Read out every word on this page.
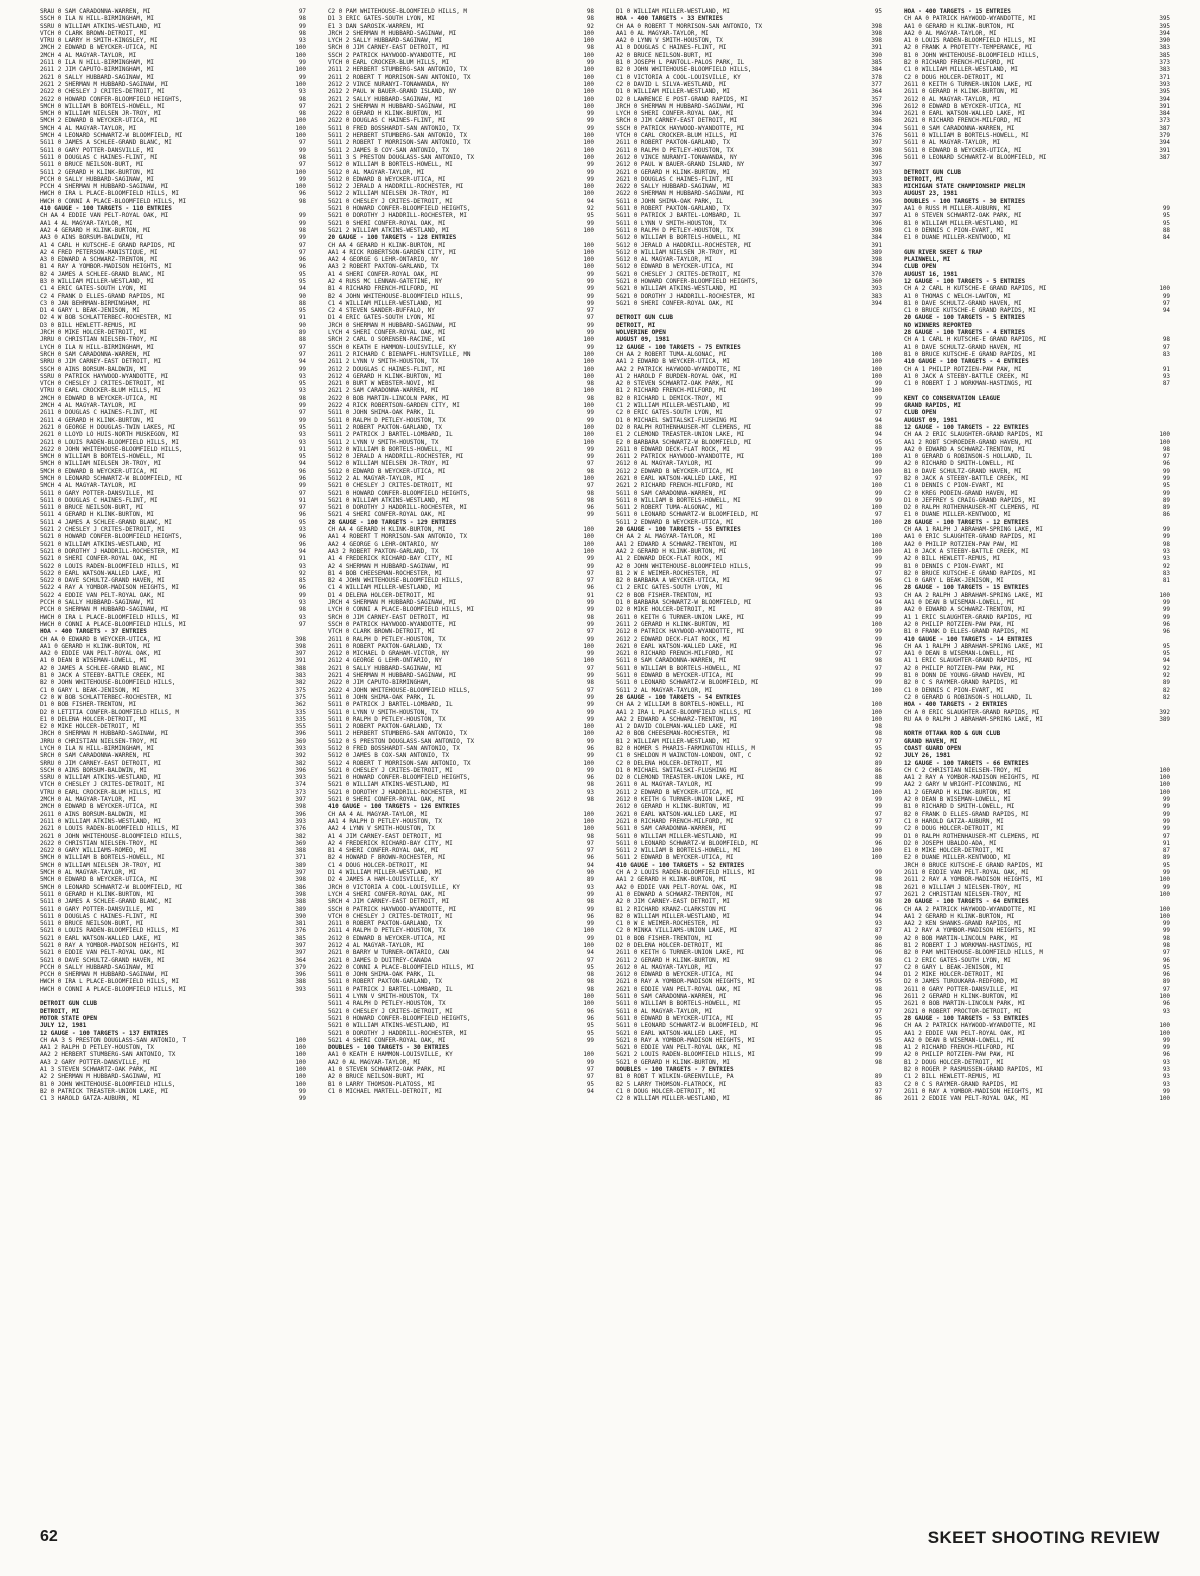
SRAU 0 SAM CARADONNA-WARREN, MI	97
SSCH 0 ILA N HILL-BIRMINGHAM, MI	98
SSRU 0 WILLIAM ATKINS-WESTLAND, MI	99
VTCH 0 CLARK BROWN-DETROIT, MI	98
VTRU 0 LARRY H SMITH-KINGSLEY, MI	93
2MCH 2 EDWARD B WEYCKER-UTICA, MI	100
2MCH 4 AL MAGYAR-TAYLOR, MI	100
2G11 0 ILA N HILL-BIRMINGHAM, MI	99
2G11 2 JIM CAPUTO-BIRMINGHAM, MI	100
2G21 0 SALLY HUBBARD-SAGINAW, MI	99
2G21 2 SHERMAN M HUBBARD-SAGINAW, MI	100
2G22 0 CHESLEY J CRITES-DETROIT, MI	93
2G22 0 HOWARD CONFER-BLOOMFIELD HEIGHTS,	98
5MCH 0 WILLIAM B BORTELS-HOWELL, MI	97
5MCH 0 WILLIAM NIELSEN JR-TROY, MI	98
5MCH 2 EDWARD B WEYCKER-UTICA, MI	100
5MCH 4 AL MAGYAR-TAYLOR, MI	100
5MCH 4 LEONARD SCHWARTZ-W BLOOMFIELD, MI	100
5G11 0 JAMES A SCHLEE-GRAND BLANC, MI	97
5G11 0 GARY POTTER-DANSVILLE, MI	99
5G11 0 DOUGLAS C HAINES-FLINT, MI	98
5G11 0 BRUCE NEILSON-BURT, MI	97
5G11 2 GERARD H KLINK-BURTON, MI	100
PCCH 0 SALLY HUBBARD-SAGINAW, MI	99
PCCH 4 SHERMAN M HUBBARD-SAGINAW, MI	100
HWCH 0 IRA L PLACE-BLOOMFIELD HILLS, MI	96
HWCH 0 CONNI A PLACE-BLOOMFIELD HILLS, MI	98
410 GAUGE - 100 TARGETS - 110 ENTRIES
CH AA 4 EDDIE VAN PELT-ROYAL OAK, MI	99
AA1 4 AL MAGYAR-TAYLOR, MI	99
AA2 4 GERARD H KLINK-BURTON, MI	98
AA3 0 AINS BORSUM-BALDWIN, MI	99
A1 4 CARL H KUTSCHE-E GRAND RAPIDS, MI	97
A2 4 FRED PETERSON-MANISTIQUE, MI	97
A3 0 EDWARD A SCHWARZ-TRENTON, MI	96
B1 4 RAY A YOMBOR-MADISON HEIGHTS, MI	96
B2 4 JAMES A SCHLEE-GRAND BLANC, MI	95
B3 0 WILLIAM MILLER-WESTLAND, MI	95
C1 4 ERIC GATES-SOUTH LYON, MI	94
C2 4 FRANK D ELLES-GRAND RAPIDS, MI	90
C3 0 JAN BEHRMAN-BIRMINGHAM, MI	88
D1 4 GARY L BEAK-JENISON, MI	95
D2 4 W BOB SCHLATTERBEC-ROCHESTER, MI	91
D3 0 BILL HEWLETT-REMUS, MI	90
JRCH 0 MIKE HOLCER-DETROIT, MI	89
JRRU 0 CHRISTIAN NIELSEN-TROY, MI	88
LYCH 0 ILA N HILL-BIRMINGHAM, MI	97
SRCH 0 SAM CARADONNA-WARREN, MI	97
SRRU 0 JIM CARNEY-EAST DETROIT, MI	94
SSCH 0 AINS BORSUM-BALDWIN, MI	99
SSRU 0 PATRICK HAYWOOD-WYANDOTTE, MI	93
VTCH 0 CHESLEY J CRITES-DETROIT, MI	95
VTRU 0 EARL CROCKER-BLUM HILLS, MI	93
2MCH 0 EDWARD B WEYCKER-UTICA, MI	98
2MCH 4 AL MAGYAR-TAYLOR, MI	99
2G11 0 DOUGLAS C HAINES-FLINT, MI	97
2G11 4 GERARD H KLINK-BURTON, MI	99
2G21 0 GEORGE H DOUGLAS-TWIN LAKES, MI	95
2G21 0 LLOYD LO HUIS-NORTH MUSKEGON, MI	93
2G21 0 LOUIS RADEN-BLOOMFIELD HILLS, MI	93
2G22 0 JOHN WHITEHOUSE-BLOOMFIELD HILLS,	91
5MCH 0 WILLIAM B BORTELS-HOWELL, MI	95
5MCH 0 WILLIAM NIELSEN JR-TROY, MI	94
5MCH 0 EDWARD B WEYCKER-UTICA, MI	96
5MCH 0 LEONARD SCHWARTZ-W BLOOMFIELD, MI	96
5MCH 4 AL MAGYAR-TAYLOR, MI	99
5G11 0 GARY POTTER-DANSVILLE, MI	97
5G11 0 DOUGLAS C HAINES-FLINT, MI	91
5G11 0 BRUCE NEILSON-BURT, MI	97
5G11 4 GERARD H KLINK-BURTON, MI	96
5G11 4 JAMES A SCHLEE-GRAND BLANC, MI	95
5G21 2 CHESLEY J CRITES-DETROIT, MI	93
5G21 0 HOWARD CONFER-BLOOMFIELD HEIGHTS,	96
5G21 0 WILLIAM ATKINS-WESTLAND, MI	96
5G21 0 DOROTHY J HADDRILL-ROCHESTER, MI	94
5G21 0 SHERI CONFER-ROYAL OAK, MI	91
5G22 0 LOUIS RADEN-BLOOMFIELD HILLS, MI	93
5G22 0 EARL WATSON-WALLED LAKE, MI	92
5G22 0 DAVE SCHULTZ-GRAND HAVEN, MI	85
5G22 4 RAY A YOMBOR-MADISON HEIGHTS, MI	96
5G22 4 EDDIE VAN PELT-ROYAL OAK, MI	99
PCCH 0 SALLY HUBBARD-SAGINAW, MI	93
PCCH 0 SHERMAN M HUBBARD-SAGINAW, MI	98
HWCH 0 IRA L PLACE-BLOOMFIELD HILLS, MI	93
HWCH 0 CONNI A PLACE-BLOOMFIELD HILLS, MI	97
HOA - 400 TARGETS - 37 ENTRIES
CH AA 0 EDWARD B WEYCKER-UTICA, MI	398
AA1 0 GERARD H KLINK-BURTON, MI	398
AA2 0 EDDIE VAN PELT-ROYAL OAK, MI	397
A1 0 DEAN B WISEMAN-LOWELL, MI	391
A2 0 JAMES A SCHLEE-GRAND BLANC, MI	388
B1 0 JACK A STEEBY-BATTLE CREEK, MI	383
B2 0 JOHN WHITEHOUSE-BLOOMFIELD HILLS,	382
C1 0 GARY L BEAK-JENISON, MI	375
C2 0 W BOB SCHLATTERBEC-ROCHESTER, MI	375
D1 0 BOB FISHER-TRENTON, MI	362
D2 0 LETITIA CONFER-BLOOMFIELD HILLS, M	335
E1 0 DELENA HOLCER-DETROIT, MI	335
E2 0 MIKE HOLCER-DETROIT, MI	355
JRCH 0 SHERMAN M HUBBARD-SAGINAW, MI	396
JRRU 0 CHRISTIAN NIELSEN-TROY, MI	369
LYCH 0 ILA N HILL-BIRMINGHAM, MI	393
SRCH 0 SAM CARADONNA-WARREN, MI	392
SRRU 0 JIM CARNEY-EAST DETROIT, MI	382
SSCH 0 AINS BORSUM-BALDWIN, MI	396
SSRU 0 WILLIAM ATKINS-WESTLAND, MI	393
VTCH 0 CHESLEY J CRITES-DETROIT, MI	374
VTRU 0 EARL CROCKER-BLUM HILLS, MI	373
2MCH 0 AL MAGYAR-TAYLOR, MI	397
2MCH 0 EDWARD B WEYCKER-UTICA, MI	398
2G11 0 AINS BORSUM-BALDWIN, MI	396
2G11 0 WILLIAM ATKINS-WESTLAND, MI	393
2G21 0 LOUIS RADEN-BLOOMFIELD HILLS, MI	376
2G21 0 JOHN WHITEHOUSE-BLOOMFIELD HILLS,	382
2G22 0 CHRISTIAN NIELSEN-TROY, MI	369
2G22 0 GARY WILLIAMS-ROMEO, MI	388
5MCH 0 WILLIAM B BORTELS-HOWELL, MI	371
5MCH 0 WILLIAM NIELSEN JR-TROY, MI	389
5MCH 0 AL MAGYAR-TAYLOR, MI	397
5MCH 0 EDWARD B WEYCKER-UTICA, MI	398
5MCH 0 LEONARD SCHWARTZ-W BLOOMFIELD, MI	386
5G11 0 GERARD H KLINK-BURTON, MI	398
5G11 0 JAMES A SCHLEE-GRAND BLANC, MI	388
5G11 0 GARY POTTER-DANSVILLE, MI	389
5G11 0 DOUGLAS C HAINES-FLINT, MI	390
5G11 0 BRUCE NEILSON-BURT, MI	381
5G21 0 LOUIS RADEN-BLOOMFIELD HILLS, MI	376
5G21 0 EARL WATSON-WALLED LAKE, MI	385
5G21 0 RAY A YOMBOR-MADISON HEIGHTS, MI	397
5G21 0 EDDIE VAN PELT-ROYAL OAK, MI	397
5G21 0 DAVE SCHULTZ-GRAND HAVEN, MI	364
PCCH 0 SALLY HUBBARD-SAGINAW, MI	379
PCCH 0 SHERMAN M HUBBARD-SAGINAW, MI	396
HWCH 0 IRA L PLACE-BLOOMFIELD HILLS, MI	388
HWCH 0 CONNI A PLACE-BLOOMFIELD HILLS, MI	393
DETROIT GUN CLUB
DETROIT, MI
MOTOR STATE OPEN
JULY 12, 1981
12 GAUGE - 100 TARGETS - 137 ENTRIES
CH AA 3 S PRESTON DOUGLASS-SAN ANTONIO, T	100
AA1 2 RALPH D PETLEY-HOUSTON, TX	100
AA2 2 HERBERT STUMBERG-SAN ANTONIO, TX	100
AA3 2 GARY POTTER-DANSVILLE, MI	100
A1 3 STEVEN SCHWARTZ-OAK PARK, MI	100
A2 2 SHERMAN M HUBBARD-SAGINAW, MI	100
B1 0 JOHN WHITEHOUSE-BLOOMFIELD HILLS,	100
B2 0 PATRICK TREASTER-UNION LAKE, MI	99
C1 3 HAROLD GATZA-AUBURN, MI	99
C2 0 PAM WHITEHOUSE-BLOOMFIELD HILLS, M	98
D1 3 ERIC GATES-SOUTH LYON, MI	98
E1 3 DAN SAROSIK-WARREN, MI	92
JRCH 2 SHERMAN M HUBBARD-SAGINAW, MI	100
LYCH 2 SALLY HUBBARD-SAGINAW, MI	100
SRCH 0 JIM CARNEY-EAST DETROIT, MI	98
SSCH 2 PATRICK HAYWOOD-WYANDOTTE, MI	100
VTCH 0 EARL CROCKER-BLUM HILLS, MI	99
2G11 2 HERBERT STUMBERG-SAN ANTONIO, TX	100
2G11 2 ROBERT T MORRISON-SAN ANTONIO, TX	100
2G12 2 VINCE NURANYI-TONAWANDA, NY	100
2G12 2 PAUL W BAUER-GRAND ISLAND, NY	100
2G21 2 SALLY HUBBARD-SAGINAW, MI	100
2G21 2 SHERMAN M HUBBARD-SAGINAW, MI	100
2G22 0 GERARD H KLINK-BURTON, MI	99
2G22 0 DOUGLAS C HAINES-FLINT, MI	99
5G11 0 FRED BOSSHARDT-SAN ANTONIO, TX	99
5G11 2 HERBERT STUMBERG-SAN ANTONIO, TX	100
5G11 2 ROBERT T MORRISON-SAN ANTONIO, TX	100
5G11 2 JAMES B COY-SAN ANTONIO, TX	100
5G11 3 S PRESTON DOUGLASS-SAN ANTONIO, TX	100
5G12 0 WILLIAM B BORTELS-HOWELL, MI	99
5G12 0 AL MAGYAR-TAYLOR, MI	99
5G12 0 EDWARD B WEYCKER-UTICA, MI	99
5G12 2 JERALD A HADDRILL-ROCHESTER, MI	100
5G12 2 WILLIAM NIELSEN JR-TROY, MI	100
5G21 0 CHESLEY J CRITES-DETROIT, MI	94
5G21 0 HOWARD CONFER-BLOOMFIELD HEIGHTS,	92
5G21 0 DOROTHY J HADDRILL-ROCHESTER, MI	95
5G21 0 SHERI CONFER-ROYAL OAK, MI	99
5G21 2 WILLIAM ATKINS-WESTLAND, MI	100
20 GAUGE - 100 TARGETS - 128 ENTRIES
CH AA 4 GERARD H KLINK-BURTON, MI	100
AA1 4 RICK ROBERTSON-GARDEN CITY, MI	100
AA2 4 GEORGE G LEHR-ONTARIO, NY	100
AA3 2 ROBERT PAXTON-GARLAND, TX	100
A1 4 SHERI CONFER-ROYAL OAK, MI	99
A2 4 RUSS MC LENNAN-GATETINE, NY	99
B1 4 RICHARD FRENCH-MILFORD, MI	99
B2 4 JOHN WHITEHOUSE-BLOOMFIELD HILLS,	99
C1 4 WILLIAM MILLER-WESTLAND, MI	99
C2 4 STEVEN SANDER-BUFFALO, NY	97
D1 4 ERIC GATES-SOUTH LYON, MI	97
JRCH 0 SHERMAN M HUBBARD-SAGINAW, MI	99
LYCH 4 SHERI CONFER-ROYAL OAK, MI	99
SRCH 2 CARL O SORENSEN-RACINE, WI	100
SSCH 0 KEATH E HAMMON-LOUISVILLE, KY	99
2G11 2 RICHARD C BIENAPFL-HUNTSVILLE, MN	100
2G11 2 LYNN V SMITH-HOUSTON, TX	100
2G12 2 DOUGLAS C HAINES-FLINT, MI	100
2G12 4 GERARD H KLINK-BURTON, MI	100
2G21 0 BURT W WEBSTER-NOVI, MI	98
2G21 2 SAM CARADONNA-WARREN, MI	100
2G22 0 BOB MARTIN-LINCOLN PARK, MI	98
2G22 4 RICK ROBERTSON-GARDEN CITY, MI	100
5G11 0 JOHN SHIMA-OAK PARK, IL	99
5G11 0 RALPH D PETLEY-HOUSTON, TX	99
5G11 2 ROBERT PAXTON-GARLAND, TX	100
5G11 2 PATRICK J BARTEL-LOMBARD, IL	100
5G11 2 LYNN V SMITH-HOUSTON, TX	100
5G12 0 WILLIAM B BORTELS-HOWELL, MI	99
5G12 0 JERALD A HADDRILL-ROCHESTER, MI	99
5G12 0 WILLIAM NIELSEN JR-TROY, MI	97
5G12 0 EDWARD B WEYCKER-UTICA, MI	98
5G12 2 AL MAGYAR-TAYLOR, MI	100
5G21 0 CHESLEY J CRITES-DETROIT, MI	97
5G21 0 HOWARD CONFER-BLOOMFIELD HEIGHTS,	98
5G21 0 WILLIAM ATKINS-WESTLAND, MI	98
5G21 0 DOROTHY J HADDRILL-ROCHESTER, MI	96
5G21 4 SHERI CONFER-ROYAL OAK, MI	99
28 GAUGE - 100 TARGETS - 129 ENTRIES
CH AA 4 GERARD H KLINK-BURTON, MI	100
AA1 4 ROBERT T MORRISON-SAN ANTONIO, TX	100
AA2 4 GEORGE G LEHR-ONTARIO, NY	100
AA3 2 ROBERT PAXTON-GARLAND, TX	100
A1 4 FREDERICK RICHARD-BAY CITY, MI	99
A2 4 SHERMAN M HUBBARD-SAGINAW, MI	99
B1 4 BOB CHEESEMAN-ROCHESTER, MI	97
B2 4 JOHN WHITEHOUSE-BLOOMFIELD HILLS,	97
C1 4 WILLIAM MILLER-WESTLAND, MI	96
D1 4 DELENA HOLCER-DETROIT, MI	91
JRCH 4 SHERMAN M HUBBARD-SAGINAW, MI	99
LYCH 0 CONNI A PLACE-BLOOMFIELD HILLS, MI	99
SRCH 0 JIM CARNEY-EAST DETROIT, MI	98
SSCH 0 PATRICK HAYWOOD-WYANDOTTE, MI	99
VTCH 0 CLARK BROWN-DETROIT, MI	97
2G11 0 RALPH D PETLEY-HOUSTON, TX	99
2G11 0 ROBERT PAXTON-GARLAND, TX	100
2G12 0 MICHAEL D GRAHAM-VICTOR, NY	99
2G12 4 GEORGE G LEHR-ONTARIO, NY	100
2G21 0 SALLY HUBBARD-SAGINAW, MI	97
2G21 4 SHERMAN M HUBBARD-SAGINAW, MI	99
2G22 0 JIM CAPUTO-BIRMINGHAM,	98
2G22 4 JOHN WHITEHOUSE-BLOOMFIELD HILLS,	97
5G11 0 JOHN SHIMA-OAK PARK, IL	99
5G11 0 PATRICK J BARTEL-LOMBARD, IL	99
5G11 0 LYNN V SMITH-HOUSTON, TX	99
5G11 0 RALPH D PETLEY-HOUSTON, TX	99
5G11 2 ROBERT PAXTON-GARLAND, TX	100
5G11 2 HERBERT STUMBERG-SAN ANTONIO, TX	100
5G12 0 S PRESTON DOUGLASS-SAN ANTONIO, TX	99
5G12 0 FRED BOSSHARDT-SAN ANTONIO, TX	96
5G12 0 JAMES B COX-SAN ANTONIO, TX	99
5G12 4 ROBERT T MORRISON-SAN ANTONIO, TX	100
5G21 0 CHESLEY J CRITES-DETROIT, MI	99
5G21 0 HOWARD CONFER-BLOOMFIELD HEIGHTS,	96
5G21 0 WILLIAM ATKINS-WESTLAND, MI	98
5G21 0 DOROTHY J HADDRILL-ROCHESTER, MI	93
5G21 0 SHERI CONFER-ROYAL OAK, MI	98
410 GAUGE - 100 TARGETS - 126 ENTRIES
CH AA 4 AL MAGYAR-TAYLOR, MI	100
AA1 4 RALPH D PETLEY-HOUSTON, TX	100
AA2 4 LYNN V SMITH-HOUSTON, TX	100
A1 4 JIM CARNEY-EAST DETROIT, MI	98
A2 4 FREDERICK RICHARD-BAY CITY, MI	97
B1 4 SHERI CONFER-ROYAL OAK, MI	97
B2 4 HOWARD F BROWN-ROCHESTER, MI	96
C1 4 DOUG HOLCER-DETROIT, MI	94
D1 4 WILLIAM MILLER-WESTLAND, MI	90
D2 4 JAMES A HAM-LOUISVILLE, KY	89
JRCH 0 VICTORIA A COOL-LOUISVILLE, KY	93
LYCH 4 SHERI CONFER-ROYAL OAK, MI	99
SRCH 4 JIM CARNEY-EAST DETROIT, MI	98
SSCH 0 PATRICK HAYWOOD-WYANDOTTE, MI	99
VTCH 0 CHESLEY J CRITES-DETROIT, MI	96
2G11 0 ROBERT PAXTON-GARLAND, TX	99
2G11 4 RALPH D PETLEY-HOUSTON, TX	100
2G12 0 EDWARD B WEYCKER-UTICA, MI	99
2G12 4 AL MAGYAR-TAYLOR, MI	100
2G21 0 BARRY W TURNER-ONTARIO, CAN	94
2G21 0 JAMES D DUITREY-CANADA	97
2G22 0 CONNI A PLACE-BLOOMFIELD HILLS, MI	95
5G11 0 JOHN SHIMA-OAK PARK, IL	98
5G11 0 ROBERT PAXTON-GARLAND, TX	98
5G11 0 PATRICK J BARTEL-LOMBARD, IL	98
5G11 4 LYNN V SMITH-HOUSTON, TX	100
5G11 4 RALPH D PETLEY-HOUSTON, TX	100
5G21 0 CHESLEY J CRITES-DETROIT, MI	96
5G21 0 HOWARD CONFER-BLOOMFIELD HEIGHTS,	96
5G21 0 WILLIAM ATKINS-WESTLAND, MI	95
5G21 0 DOROTHY J HADDRILL-ROCHESTER, MI	95
5G21 4 SHERI CONFER-ROYAL OAK, MI	99
DOUBLES - 100 TARGETS - 30 ENTRIES
AA1 0 KEATH E HAMMON-LOUISVILLE, KY	100
AA2 0 AL MAGYAR-TAYLOR, MI	99
A1 0 STEVEN SCHWARTZ-OAK PARK, MI	97
A2 0 BRUCE NEILSON-BURT, MI	97
B1 0 LARRY THOMSON-PLATOSS, MI	95
C1 0 MICHAEL MARTELL-DETROIT, MI	94
D1 0 WILLIAM MILLER-WESTLAND, MI	95
HOA - 400 TARGETS - 33 ENTRIES
CH AA 0 ROBERT T MORRISON-SAN ANTONIO, TX	398
AA1 0 AL MAGYAR-TAYLOR, MI	398
AA2 0 LYNN V SMITH-HOUSTON, TX	398
A1 0 DOUGLAS C HAINES-FLINT, MI	391
A2 0 BRUCE NEILSON-BURT, MI	390
B1 0 JOSEPH L PANTOLL-PALOS PARK, IL	385
B2 0 JOHN WHITEHOUSE-BLOOMFIELD HILLS,	384
C1 0 VICTORIA A COOL-LOUISVILLE, KY	378
C2 0 DAVID L SILVA-WESTLAND, MI	377
D1 0 WILLIAM MILLER-WESTLAND, MI	364
D2 0 LAWRENCE E POST-GRAND RAPIDS, MI	357
JRCH 0 SHERMAN M HUBBARD-SAGINAW, MI	396
LYCH 0 SHERI CONFER-ROYAL OAK, MI	394
SRCH 0 JIM CARNEY-EAST DETROIT, MI	386
SSCH 0 PATRICK HAYWOOD-WYANDOTTE, MI	394
VTCH 0 CARL CROCKER-BLUM HILLS, MI	376
2G11 0 ROBERT PAXTON-GARLAND, TX	397
2G11 0 RALPH D PETLEY-HOUSTON, TX	398
2G12 0 VINCE NURANYI-TONAWANDA, NY	396
2G12 0 PAUL W BAUER-GRAND ISLAND, NY	397
2G21 0 GERARD H KLINK-BURTON, MI	393
2G21 0 DOUGLAS C HAINES-FLINT, MI	393
2G22 0 SALLY HUBBARD-SAGINAW, MI	383
2G22 0 SHERMAN M HUBBARD-SAGINAW, MI	393
5G11 0 JOHN SHIMA-OAK PARK, IL	396
5G11 0 ROBERT PAXTON-GARLAND, TX	397
5G11 0 PATRICK J BARTEL-LOMBARD, IL	397
5G11 0 LYNN V SMITH-HOUSTON, TX	396
5G11 0 RALPH D PETLEY-HOUSTON, TX	398
5G12 0 WILLIAM B BORTELS-HOWELL, MI	384
5G12 0 JERALD A HADDRILL-ROCHESTER, MI	391
5G12 0 WILLIAM NIELSEN JR-TROY, MI	389
5G12 0 AL MAGYAR-TAYLOR, MI	398
5G12 0 EDWARD B WEYCKER-UTICA, MI	394
5G21 0 CHESLEY J CRITES-DETROIT, MI	370
5G21 0 HOWARD CONFER-BLOOMFIELD HEIGHTS,	360
5G21 0 WILLIAM ATKINS-WESTLAND, MI	393
5G21 0 DOROTHY J HADDRILL-ROCHESTER, MI	383
5G21 0 SHERI CONFER-ROYAL OAK, MI	394
DETROIT GUN CLUB
DETROIT, MI
WOLVERINE OPEN
AUGUST 09, 1981
12 GAUGE - 100 TARGETS - 75 ENTRIES
CH AA 2 ROBERT TUMA-ALGONAC, MI	100
AA1 2 EDWARD B WEYCKER-UTICA, MI	100
AA2 2 PATRICK HAYWOOD-WYANDOTTE, MI	100
A1 2 HAROLD F BURDEN-ROYAL OAK, MI	100
A2 0 STEVEN SCHWARTZ-OAK PARK, MI	99
B1 2 RICHARD FRENCH-MILFORD, MI	100
B2 0 RICHARD L DEMICK-TROY, MI	99
C1 2 WILLIAM MILLER-WESTLAND, MI	99
C2 0 ERIC GATES-SOUTH LYON, MI	97
D1 0 MICHAEL SWITALSKI-FLUSHING MI	94
D2 0 RALPH ROTHENHAUSER-MT CLEMENS, MI	88
E1 2 CLEMOND TREASTER-UNION LAKE, MI	94
E2 0 BARBARA SCHWARTZ-W BLOOMFIELD, MI	95
2G11 0 EDWARD DECK-FLAT ROCK, MI	99
2G11 2 PATRICK HAYWOOD-WYANDOTTE, MI	100
2G12 0 AL MAGYAR-TAYLOR, MI	99
2G12 2 EDWARD B WEYCKER-UTICA, MI	100
2G21 0 EARL WATSON-WALLED LAKE, MI	97
2G21 2 RICHARD FRENCH-MILFORD, MI	100
5G11 0 SAM CARADONNA-WARREN, MI	99
5G11 0 WILLIAM B BORTELS-HOWELL, MI	99
5G11 2 ROBERT TUMA-ALGONAC, MI	100
5G11 0 LEONARD SCHWARTZ-W BLOOMFIELD, MI	97
5G11 2 EDWARD B WEYCKER-UTICA, MI	100
20 GAUGE - 100 TARGETS - 55 ENTRIES
CH AA 2 AL MAGYAR-TAYLOR, MI	100
AA1 2 EDWARD A SCHWARZ-TRENTON, MI	100
AA2 2 GERARD H KLINK-BURTON, MI	100
A1 2 EDWARD DECK-FLAT ROCK, MI	99
A2 0 JOHN WHITEHOUSE-BLOOMFIELD HILLS,	99
B1 2 W E WEIMER-ROCHESTER, MI	97
B2 0 BARBARA A WEYCKER-UTICA, MI	96
C1 2 ERIC GATES-SOUTH LYON, MI	96
C2 0 BOB FISHER-TRENTON, MI	93
D1 0 BARBARA SCHWARTZ-W BLOOMFIELD, MI	94
D2 0 MIKE HOLCER-DETROIT, MI	89
2G11 0 KEITH G TURNER-UNION LAKE, MI	99
2G11 2 GERARD H KLINK-BURTON, MI	100
2G12 0 PATRICK HAYWOOD-WYANDOTTE, MI	99
2G12 2 EDWARD DECK-FLAT ROCK, MI	99
2G21 0 EARL WATSON-WALLED LAKE, MI	96
2G21 0 RICHARD FRENCH-MILFORD, MI	97
5G11 0 SAM CARADONNA-WARREN, MI	98
5G11 0 WILLIAM B BORTELS-HOWELL, MI	97
5G11 0 EDWARD B WEYCKER-UTICA, MI	99
5G11 0 LEONARD SCHWARTZ-W BLOOMFIELD, MI	99
5G11 2 AL MAGYAR-TAYLOR, MI	100
28 GAUGE - 100 TARGETS - 54 ENTRIES
CH AA 2 WILLIAM B BORTELS-HOWELL, MI	100
AA1 2 IRA L PLACE-BLOOMFIELD HILLS, MI	100
AA2 2 EDWARD A SCHWARZ-TRENTON, MI	100
A1 2 DAVID COLEMAN-WALLED LAKE, MI	98
A2 0 BOB CHEESEMAN-ROCHESTER, MI	98
B1 2 WILLIAM MILLER-WESTLAND, MI	97
B2 0 HOMER S PHARIS-FARMINGTON HILLS, M	95
C1 0 SHELDON M WAINCTON-LONDON, ONT, C	92
C2 0 DELENA HOLCER-DETROIT, MI	89
D1 0 MICHAEL SWITALSKI-FLUSHING MI	86
D2 0 CLEMOND TREASTER-UNION LAKE, MI	88
2G11 0 AL MAGYAR-TAYLOR, MI	99
2G11 2 EDWARD B WEYCKER-UTICA, MI	100
2G12 0 KEITH G TURNER-UNION LAKE, MI	99
2G12 0 GERARD H KLINK-BURTON, MI	99
2G21 0 EARL WATSON-WALLED LAKE, MI	97
2G21 0 RICHARD FRENCH-MILFORD, MI	97
5G11 0 SAM CARADONNA-WARREN, MI	99
5G11 0 WILLIAM MILLER-WESTLAND, MI	99
5G11 0 LEONARD SCHWARTZ-W BLOOMFIELD, MI	96
5G11 2 WILLIAM B BORTELS-HOWELL, MI	100
5G11 2 EDWARD B WEYCKER-UTICA, MI	100
410 GAUGE - 100 TARGETS - 52 ENTRIES
CH A 2 LOUIS RADEN-BLOOMFIELD HILLS, MI	99
AA1 2 GERARD H KLINK-BURTON, MI	98
AA2 0 EDDIE VAN PELT-ROYAL OAK, MI	98
A1 0 EDWARD A SCHWARZ-TRENTON, MI	97
A2 0 JIM CARNEY-EAST DETROIT, MI	98
B1 2 RICHARD KRANZ-CLARKSTON MI	96
B2 0 WILLIAM MILLER-WESTLAND, MI	94
C1 0 W E WEIMER-ROCHESTER, MI	93
C2 0 MINKA VILLIAMS-UNION LAKE, MI	87
D1 0 BOB FISHER-TRENTON, MI	90
D2 0 DELENA HOLCER-DETROIT, MI	86
2G11 0 KEITH G TURNER-UNION LAKE, MI	96
2G11 2 GERARD H KLINK-BURTON, MI	98
2G12 0 AL MAGYAR-TAYLOR, MI	97
2G12 0 EDWARD B WEYCKER-UTICA, MI	94
2G21 0 RAY A YOMBOR-MADISON HEIGHTS, MI	95
2G21 0 EDDIE VAN PELT-ROYAL OAK, MI	98
5G11 0 SAM CARADONNA-WARREN, MI	96
5G11 0 WILLIAM B BORTELS-HOWELL, MI	95
5G11 0 AL MAGYAR-TAYLOR, MI	97
5G11 0 EDWARD B WEYCKER-UTICA, MI	95
5G11 0 LEONARD SCHWARTZ-W BLOOMFIELD, MI	96
5G21 0 EARL WATSON-WALLED LAKE, MI	95
5G21 0 RAY A YOMBOR-MADISON HEIGHTS, MI	95
5G21 0 EDDIE VAN PELT-ROYAL OAK, MI	98
5G21 2 LOUIS RADEN-BLOOMFIELD HILLS, MI	99
5G21 0 GERARD H KLINK-BURTON, MI	98
DOUBLES - 100 TARGETS - 7 ENTRIES
B1 0 ROBT T WILKIN-GREENVILLE, PA	89
B2 5 LARRY THOMSON-FLATROCK, MI	83
C1 0 DOUG HOLCER-DETROIT, MI	97
C2 0 WILLIAM MILLER-WESTLAND, MI	86
HOA - 400 TARGETS - 15 ENTRIES
CH AA 0 PATRICK HAYWOOD-WYANDOTTE, MI	395
AA1 0 GERARD H KLINK-BURTON, MI	395
AA2 0 AL MAGYAR-TAYLOR, MI	394
A1 0 LOUIS RADEN-BLOOMFIELD HILLS, MI	390
A2 0 FRANK A PROTETTY-TEMPERANCE, MI	383
B1 0 JOHN WHITEHOUSE-BLOOMFIELD HILLS,	385
B2 0 RICHARD FRENCH-MILFORD, MI	373
C1 0 WILLIAM MILLER-WESTLAND, MI	383
C2 0 DOUG HOLCER-DETROIT, MI	371
2G11 0 KEITH G TURNER-UNION LAKE, MI	393
2G11 0 GERARD H KLINK-BURTON, MI	395
2G12 0 AL MAGYAR-TAYLOR, MI	394
2G12 0 EDWARD B WEYCKER-UTICA, MI	391
2G21 0 EARL WATSON-WALLED LAKE, MI	384
2G21 0 RICHARD FRENCH-MILFORD, MI	373
5G11 0 SAM CARADONNA-WARREN, MI	387
5G11 0 WILLIAM B BORTELS-HOWELL, MI	379
5G11 0 AL MAGYAR-TAYLOR, MI	394
5G11 0 EDWARD B WEYCKER-UTICA, MI	391
5G11 0 LEONARD SCHWARTZ-W BLOOMFIELD, MI	387
DETROIT GUN CLUB
DETROIT, MI
MICHIGAN STATE CHAMPIONSHIP PRELIM
AUGUST 23, 1981
DOUBLES - 100 TARGETS - 30 ENTRIES
AA1 0 RUSS M MILLER-AUBURN, MI	99
A1 0 STEVEN SCHWARTZ-OAK PARK, MI	95
B1 0 WILLIAM MILLER-WESTLAND, MI	95
C1 0 DENNIS C PION-EVART, MI	88
E1 0 DUANE MILLER-KENTWOOD, MI	84
GUN RIVER SKEET & TRAP
PLAINWELL, MI
CLUB OPEN
AUGUST 16, 1981
12 GAUGE - 100 TARGETS - 5 ENTRIES
CH A 2 CARL H KUTSCHE-E GRAND RAPIDS, MI	100
A1 0 THOMAS C WELCH-LAWTON, MI	99
B1 0 DAVE SCHULTZ-GRAND HAVEN, MI	97
C1 0 BRUCE KUTSCHE-E GRAND RAPIDS, MI	94
20 GAUGE - 100 TARGETS - 5 ENTRIES
NO WINNERS REPORTED
28 GAUGE - 100 TARGETS - 4 ENTRIES
CH A 1 CARL H KUTSCHE-E GRAND RAPIDS, MI	98
A1 0 DAVE SCHULTZ-GRAND HAVEN, MI	97
B1 0 BRUCE KUTSCHE-E GRAND RAPIDS, MI	83
410 GAUGE - 100 TARGETS - 4 ENTRIES
CH A 1 PHILIP ROTZIEN-PAW PAW, MI	91
A1 0 JACK A STEEBY-BATTLE CREEK, MI	93
C1 0 ROBERT I J WORKMAN-HASTINGS, MI	87
KENT CO CONSERVATION LEAGUE
GRAND RAPIDS, MI
CLUB OPEN
AUGUST 09, 1981
12 GAUGE - 100 TARGETS - 22 ENTRIES
CH AA 2 ERIC SLAUGHTER-GRAND RAPIDS, MI	100
AA1 2 ROBT SCHROEDER-GRAND HAVEN, MI	100
AA2 0 EDWARD A SCHWARZ-TRENTON, MI	98
A1 0 GERARD G ROBINSON-S HOLLAND, IL	97
A2 0 RICHARD D SMITH-LOWELL, MI	96
B1 0 DAVE SCHULTZ-GRAND HAVEN, MI	99
B2 0 JACK A STEEBY-BATTLE CREEK, MI	99
C1 0 DENNIS C PION-EVART, MI	95
C2 0 KREG PODEIN-GRAND HAVEN, MI	99
D1 0 JEFFREY S CRAIG-GRAND RAPIDS, MI	89
D2 0 RALPH ROTHENHAUSER-MT CLEMENS, MI	89
E1 0 DUANE MILLER-KENTWOOD, MI	86
28 GAUGE - 100 TARGETS - 12 ENTRIES
CH AA 1 RALPH J ABRAHAM-SPRING LAKE, MI	99
AA1 0 ERIC SLAUGHTER-GRAND RAPIDS, MI	99
AA2 0 PHILIP ROTZIEN-PAW PAW, MI	98
A1 0 JACK A STEEBY-BATTLE CREEK, MI	93
A2 0 BILL HEWLETT-REMUS, MI	93
B1 0 DENNIS C PION-EVART, MI	92
B2 0 BRUCE KUTSCHE-E GRAND RAPIDS, MI	83
C1 0 GARY L BEAK-JENISON, MI	81
28 GAUGE - 100 TARGETS - 15 ENTRIES
CH AA 2 RALPH J ABRAHAM-SPRING LAKE, MI	100
AA1 0 DEAN B WISEMAN-LOWELL, MI	99
AA2 0 EDWARD A SCHWARZ-TRENTON, MI	99
A1 1 ERIC SLAUGHTER-GRAND RAPIDS, MI	99
A2 0 PHILIP ROTZIEN-PAW PAW, MI	96
B1 0 FRANK D ELLES-GRAND RAPIDS, MI	96
410 GAUGE - 100 TARGETS - 14 ENTRIES
CH AA 1 RALPH J ABRAHAM-SPRING LAKE, MI	95
AA1 0 DEAN B WISEMAN-LOWELL, MI	95
A1 1 ERIC SLAUGHTER-GRAND RAPIDS, MI	94
A2 0 PHILIP ROTZIEN-PAW PAW, MI	92
B1 0 DONN DE YOUNG-GRAND HAVEN, MI	92
B2 0 C S RAYMER-GRAND RAPIDS, MI	89
C1 0 DENNIS C PION-EVART, MI	82
C2 0 GERARD G ROBINSON-S HOLLAND, IL	82
HOA - 400 TARGETS - 2 ENTRIES
CH A 0 ERIC SLAUGHTER-GRAND RAPIDS, MI	392
RU AA 0 RALPH J ABRAHAM-SPRING LAKE, MI	389
NORTH OTTAWA ROD & GUN CLUB
GRAND HAVEN, MI
COAST GUARD OPEN
JULY 26, 1981
12 GAUGE - 100 TARGETS - 66 ENTRIES
CH C 2 CHRISTIAN NIELSEN-TROY, MI	100
AA1 2 RAY A YOMBOR-MADISON HEIGHTS, MI	100
AA2 2 GARY W WRIGHT-PICONNING, MI	100
A1 2 GERARD H KLINK-BURTON, MI	100
A2 0 DEAN B WISEMAN-LOWELL, MI	99
B1 0 RICHARD D SMITH-LOWELL, MI	99
B2 0 FRANK D ELLES-GRAND RAPIDS, MI	99
C1 0 HAROLD GATZA-AUBURN, MI	99
C2 0 DOUG HOLCER-DETROIT, MI	99
D1 0 RALPH ROTHENHAUSER-MT CLEMENS, MI	97
D2 0 JOSEPH UBALDO-ADA, MI	91
E1 0 MIKE HOLCER-DETROIT, MI	87
E2 0 DUANE MILLER-KENTWOOD, MI	89
JRCH 0 BRUCE KUTSCHE-E GRAND RAPIDS, MI	95
2G11 0 EDDIE VAN PELT-ROYAL OAK, MI	99
2G11 2 RAY A YOMBOR-MADISON HEIGHTS, MI	100
2G21 0 WILLIAM J NIELSEN-TROY, MI	99
2G21 2 CHRISTIAN NIELSEN-TROY, MI	100
20 GAUGE - 100 TARGETS - 64 ENTRIES
CH AA 2 PATRICK HAYWOOD-WYANDOTTE, MI	100
AA1 2 GERARD H KLINK-BURTON, MI	100
AA2 2 KEN SHANKS-GRAND RAPIDS, MI	99
A1 2 RAY A YOMBOR-MADISON HEIGHTS, MI	99
A2 0 BOB MARTIN-LINCOLN PARK, MI	98
B1 2 ROBERT I J WORKMAN-HASTINGS, MI	98
B2 0 PAM WHITEHOUSE-BLOOMFIELD HILLS, M	97
C1 2 ERIC GATES-SOUTH LYON, MI	96
C2 0 GARY L BEAK-JENISON, MI	95
D1 2 MIKE HOLCER-DETROIT, MI	96
D2 0 JAMES TUROUKARA-REDFORD, MI	89
2G11 0 GARY POTTER-DANSVILLE, MI	97
2G11 2 GERARD H KLINK-BURTON, MI	100
2G21 0 BOB MARTIN-LINCOLN PARK, MI	96
2G21 0 ROBERT PROCTOR-DETROIT, MI	93
28 GAUGE - 100 TARGETS - 53 ENTRIES
CH AA 2 PATRICK HAYWOOD-WYANDOTTE, MI	100
AA1 2 EDDIE VAN PELT-ROYAL OAK, MI	100
AA2 0 DEAN B WISEMAN-LOWELL, MI	99
A1 2 RICHARD FRENCH-MILFORD, MI	99
A2 0 PHILIP ROTZIEN-PAW PAW, MI	96
B1 2 DOUG HOLCER-DETROIT, MI	93
B2 0 ROGER P RASMUSSEN-GRAND RAPIDS, MI	93
C1 2 BILL HEWLETT-REMUS, MI	93
C2 0 C S RAYMER-GRAND RAPIDS, MI	93
2G11 0 RAY A YOMBOR-MADISON HEIGHTS, MI	99
2G11 2 EDDIE VAN PELT-ROYAL OAK, MI	100
62	SKEET SHOOTING REVIEW
